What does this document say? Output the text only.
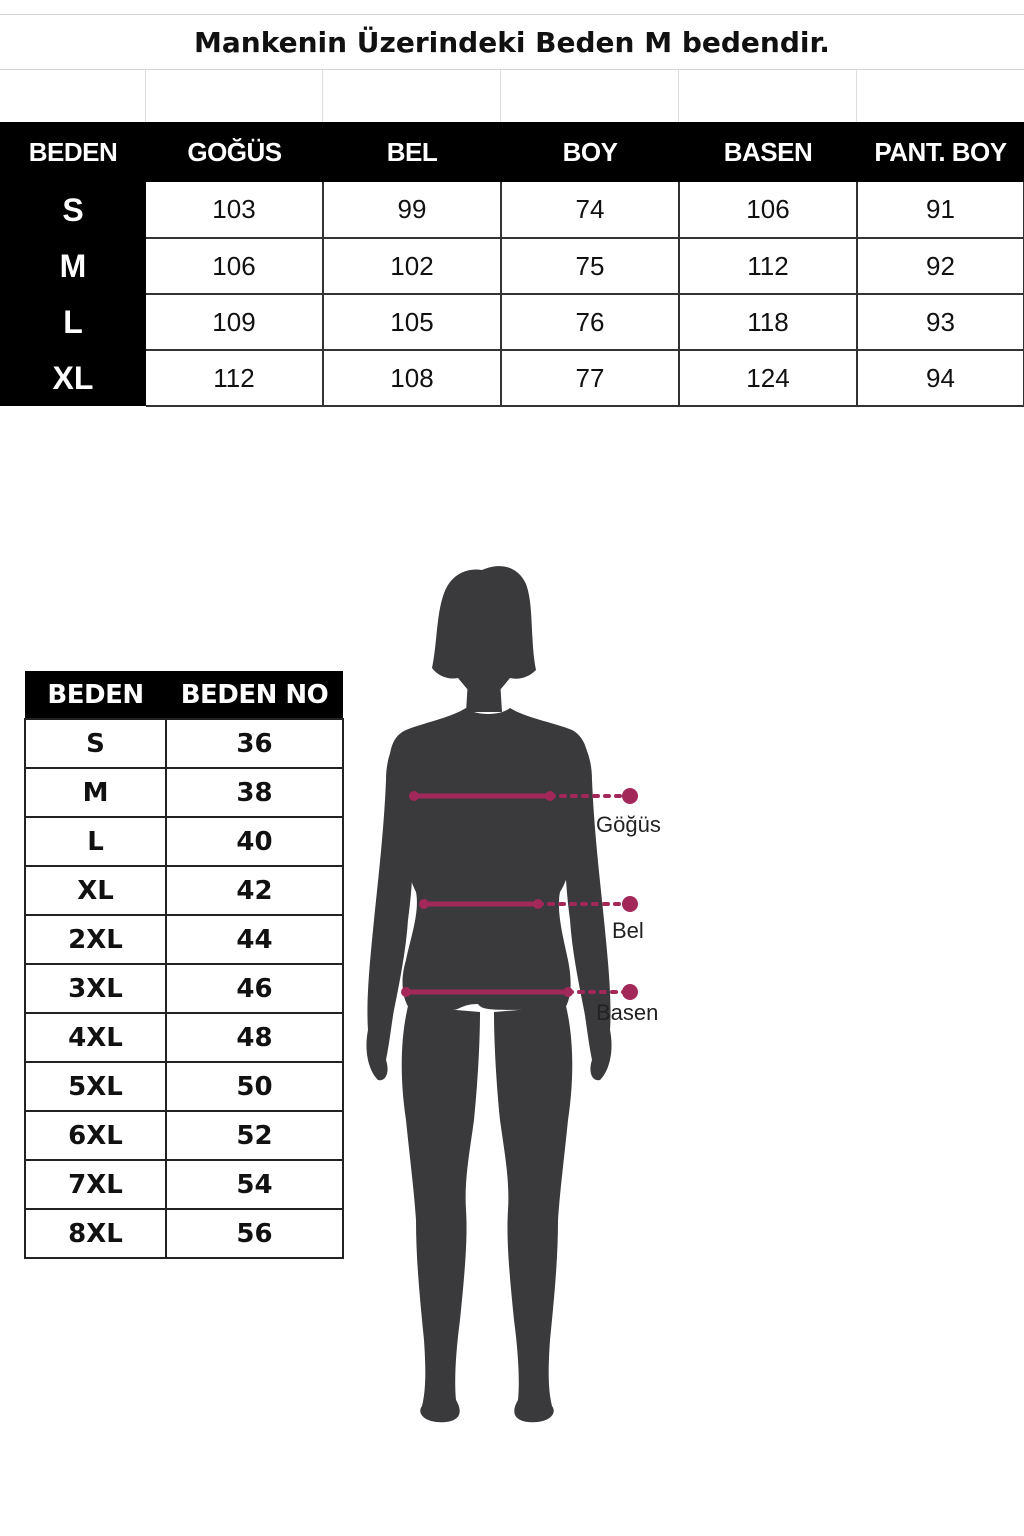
Mankenin Üzerindeki Beden M bedendir.
BEDEN	GOĞÜS	BEL	BOY	BASEN	PANT. BOY
S	103	99	74	106	91
M	106	102	75	112	92
L	109	105	76	118	93
XL	112	108	77	124	94
BEDEN	BEDEN NO
S	36
M	38
L	40
XL	42
2XL	44
3XL	46
4XL	48
5XL	50
6XL	52
7XL	54
8XL	56
Göğüs
Bel
Basen
